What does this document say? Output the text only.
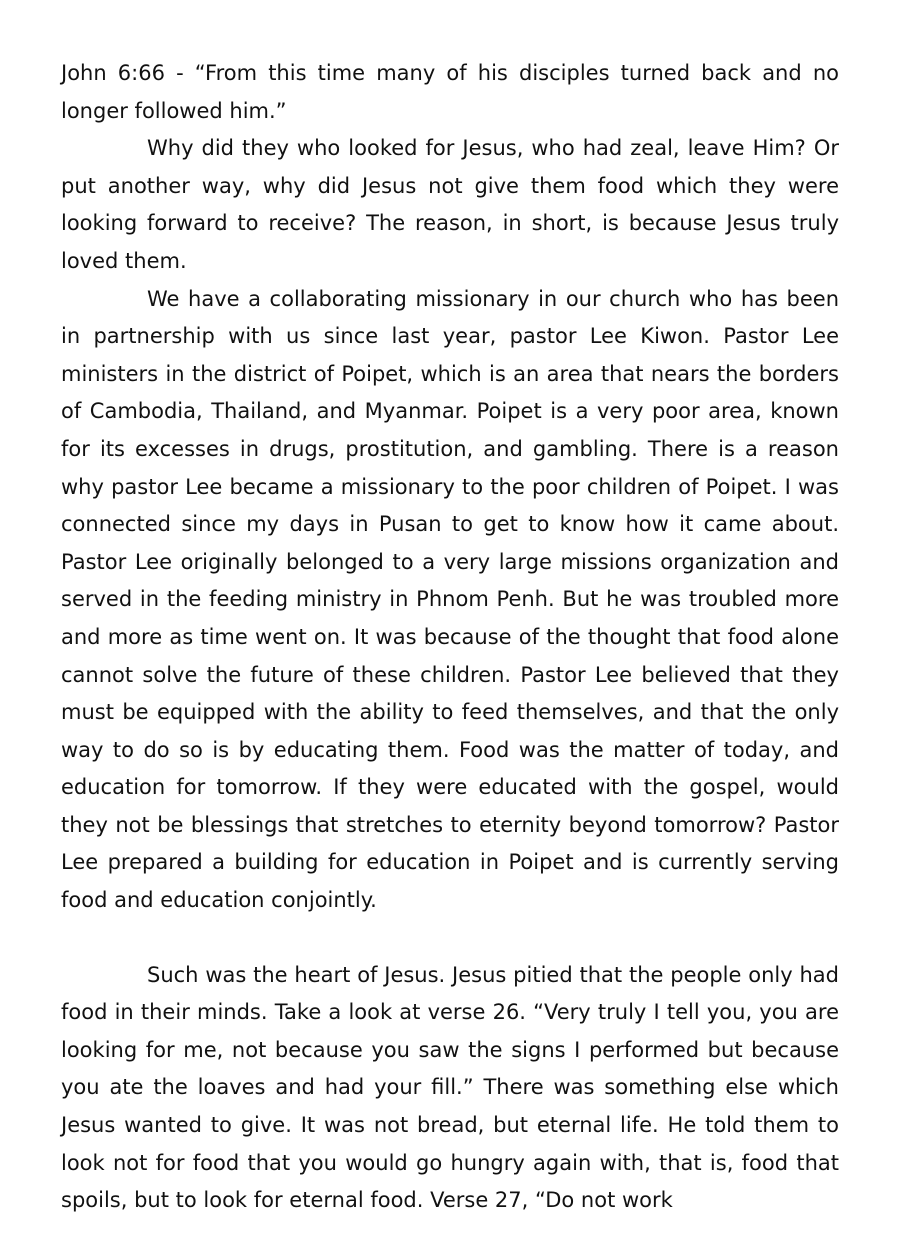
John 6:66 - “From this time many of his disciples turned back and no longer followed him.”

Why did they who looked for Jesus, who had zeal, leave Him? Or put another way, why did Jesus not give them food which they were looking forward to receive? The reason, in short, is because Jesus truly loved them.

We have a collaborating missionary in our church who has been in partnership with us since last year, pastor Lee Kiwon. Pastor Lee ministers in the district of Poipet, which is an area that nears the borders of Cambodia, Thailand, and Myanmar. Poipet is a very poor area, known for its excesses in drugs, prostitution, and gambling. There is a reason why pastor Lee became a missionary to the poor children of Poipet. I was connected since my days in Pusan to get to know how it came about. Pastor Lee originally belonged to a very large missions organization and served in the feeding ministry in Phnom Penh. But he was troubled more and more as time went on. It was because of the thought that food alone cannot solve the future of these children. Pastor Lee believed that they must be equipped with the ability to feed themselves, and that the only way to do so is by educating them. Food was the matter of today, and education for tomorrow. If they were educated with the gospel, would they not be blessings that stretches to eternity beyond tomorrow? Pastor Lee prepared a building for education in Poipet and is currently serving food and education conjointly.

Such was the heart of Jesus. Jesus pitied that the people only had food in their minds. Take a look at verse 26. “Very truly I tell you, you are looking for me, not because you saw the signs I performed but because you ate the loaves and had your fill.” There was something else which Jesus wanted to give. It was not bread, but eternal life. He told them to look not for food that you would go hungry again with, that is, food that spoils, but to look for eternal food. Verse 27, “Do not work
